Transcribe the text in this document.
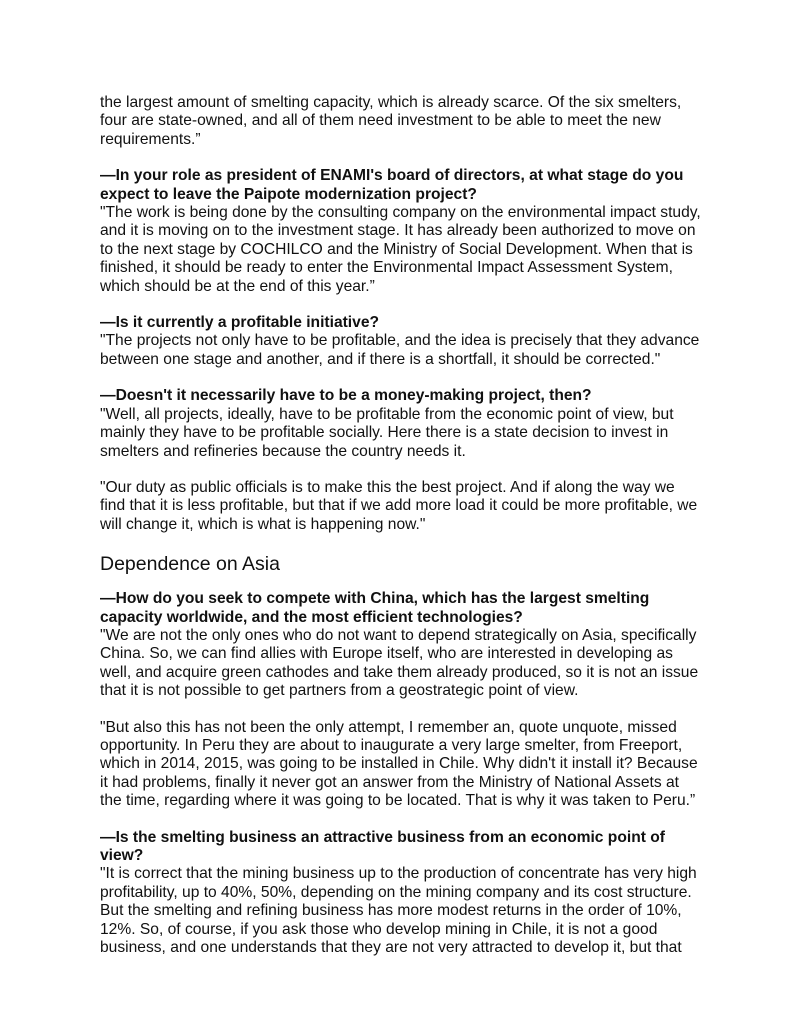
the largest amount of smelting capacity, which is already scarce. Of the six smelters, four are state-owned, and all of them need investment to be able to meet the new requirements.”

—In your role as president of ENAMI's board of directors, at what stage do you expect to leave the Paipote modernization project?

"The work is being done by the consulting company on the environmental impact study, and it is moving on to the investment stage. It has already been authorized to move on to the next stage by COCHILCO and the Ministry of Social Development. When that is finished, it should be ready to enter the Environmental Impact Assessment System, which should be at the end of this year.”

—Is it currently a profitable initiative?

"The projects not only have to be profitable, and the idea is precisely that they advance between one stage and another, and if there is a shortfall, it should be corrected."

—Doesn't it necessarily have to be a money-making project, then?

"Well, all projects, ideally, have to be profitable from the economic point of view, but mainly they have to be profitable socially. Here there is a state decision to invest in smelters and refineries because the country needs it.

"Our duty as public officials is to make this the best project. And if along the way we find that it is less profitable, but that if we add more load it could be more profitable, we will change it, which is what is happening now."

Dependence on Asia

—How do you seek to compete with China, which has the largest smelting capacity worldwide, and the most efficient technologies?

"We are not the only ones who do not want to depend strategically on Asia, specifically China. So, we can find allies with Europe itself, who are interested in developing as well, and acquire green cathodes and take them already produced, so it is not an issue that it is not possible to get partners from a geostrategic point of view.

"But also this has not been the only attempt, I remember an, quote unquote, missed opportunity. In Peru they are about to inaugurate a very large smelter, from Freeport, which in 2014, 2015, was going to be installed in Chile. Why didn't it install it? Because it had problems, finally it never got an answer from the Ministry of National Assets at the time, regarding where it was going to be located. That is why it was taken to Peru.”

—Is the smelting business an attractive business from an economic point of view?

"It is correct that the mining business up to the production of concentrate has very high profitability, up to 40%, 50%, depending on the mining company and its cost structure. But the smelting and refining business has more modest returns in the order of 10%, 12%. So, of course, if you ask those who develop mining in Chile, it is not a good business, and one understands that they are not very attracted to develop it, but that
